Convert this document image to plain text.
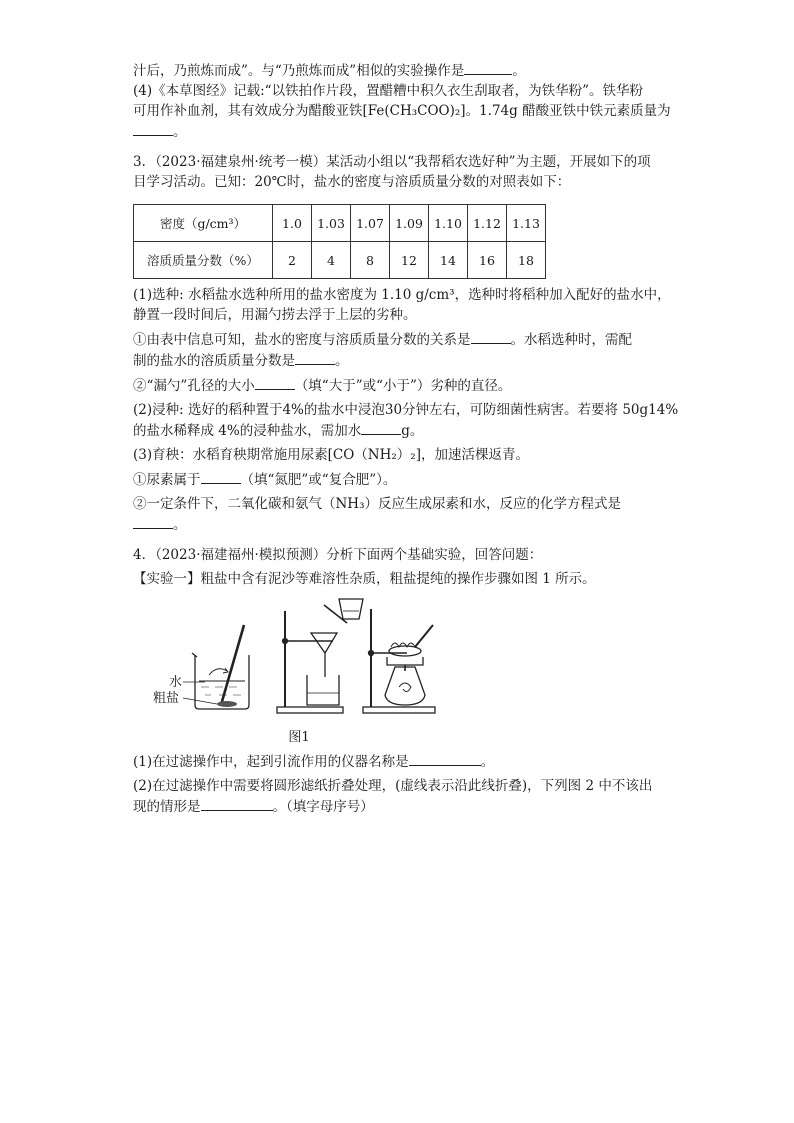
汁后，乃煎炼而成”。与“乃煎炼而成”相似的实验操作是	。

(4)《本草图经》记载:“以铁拍作片段，置醋糟中积久衣生刮取者，为铁华粉”。铁华粉

可用作补血剂，其有效成分为醋酸亚铁[Fe(CH₃COO)₂]。1.74g 醋酸亚铁中铁元素质量为

。

3．（2023·福建泉州·统考一模）某活动小组以“我帮稻农选好种”为主题，开展如下的项

目学习活动。已知：20℃时，盐水的密度与溶质质量分数的对照表如下：

密度（g/cm³）	1.0	1.03	1.07	1.09	1.10	1.12	1.13
溶质质量分数（%）	2	4	8	12	14	16	18

(1)选种: 水稻盐水选种所用的盐水密度为 1.10 g/cm³，选种时将稻种加入配好的盐水中，

静置一段时间后，用漏勺捞去浮于上层的劣种。

①由表中信息可知，盐水的密度与溶质质量分数的关系是	。水稻选种时，需配

制的盐水的溶质质量分数是	。

②“漏勺”孔径的大小	（填“大于”或“小于”）劣种的直径。

(2)浸种: 选好的稻种置于4%的盐水中浸泡30分钟左右，可防细菌性病害。若要将 50g14%

的盐水稀释成 4%的浸种盐水，需加水	g。

(3)育秧：水稻育秧期常施用尿素[CO（NH₂）₂]，加速活棵返青。

①尿素属于	（填“氮肥”或“复合肥”）。

②一定条件下，二氧化碳和氨气（NH₃）反应生成尿素和水，反应的化学方程式是

。

4．（2023·福建福州·模拟预测）分析下面两个基础实验，回答问题：

【实验一】粗盐中含有泥沙等难溶性杂质，粗盐提纯的操作步骤如图 1 所示。

水
粗盐
图1

(1)在过滤操作中，起到引流作用的仪器名称是	。

(2)在过滤操作中需要将圆形滤纸折叠处理，(虚线表示沿此线折叠)，下列图 2 中不该出

现的情形是	。（填字母序号）
